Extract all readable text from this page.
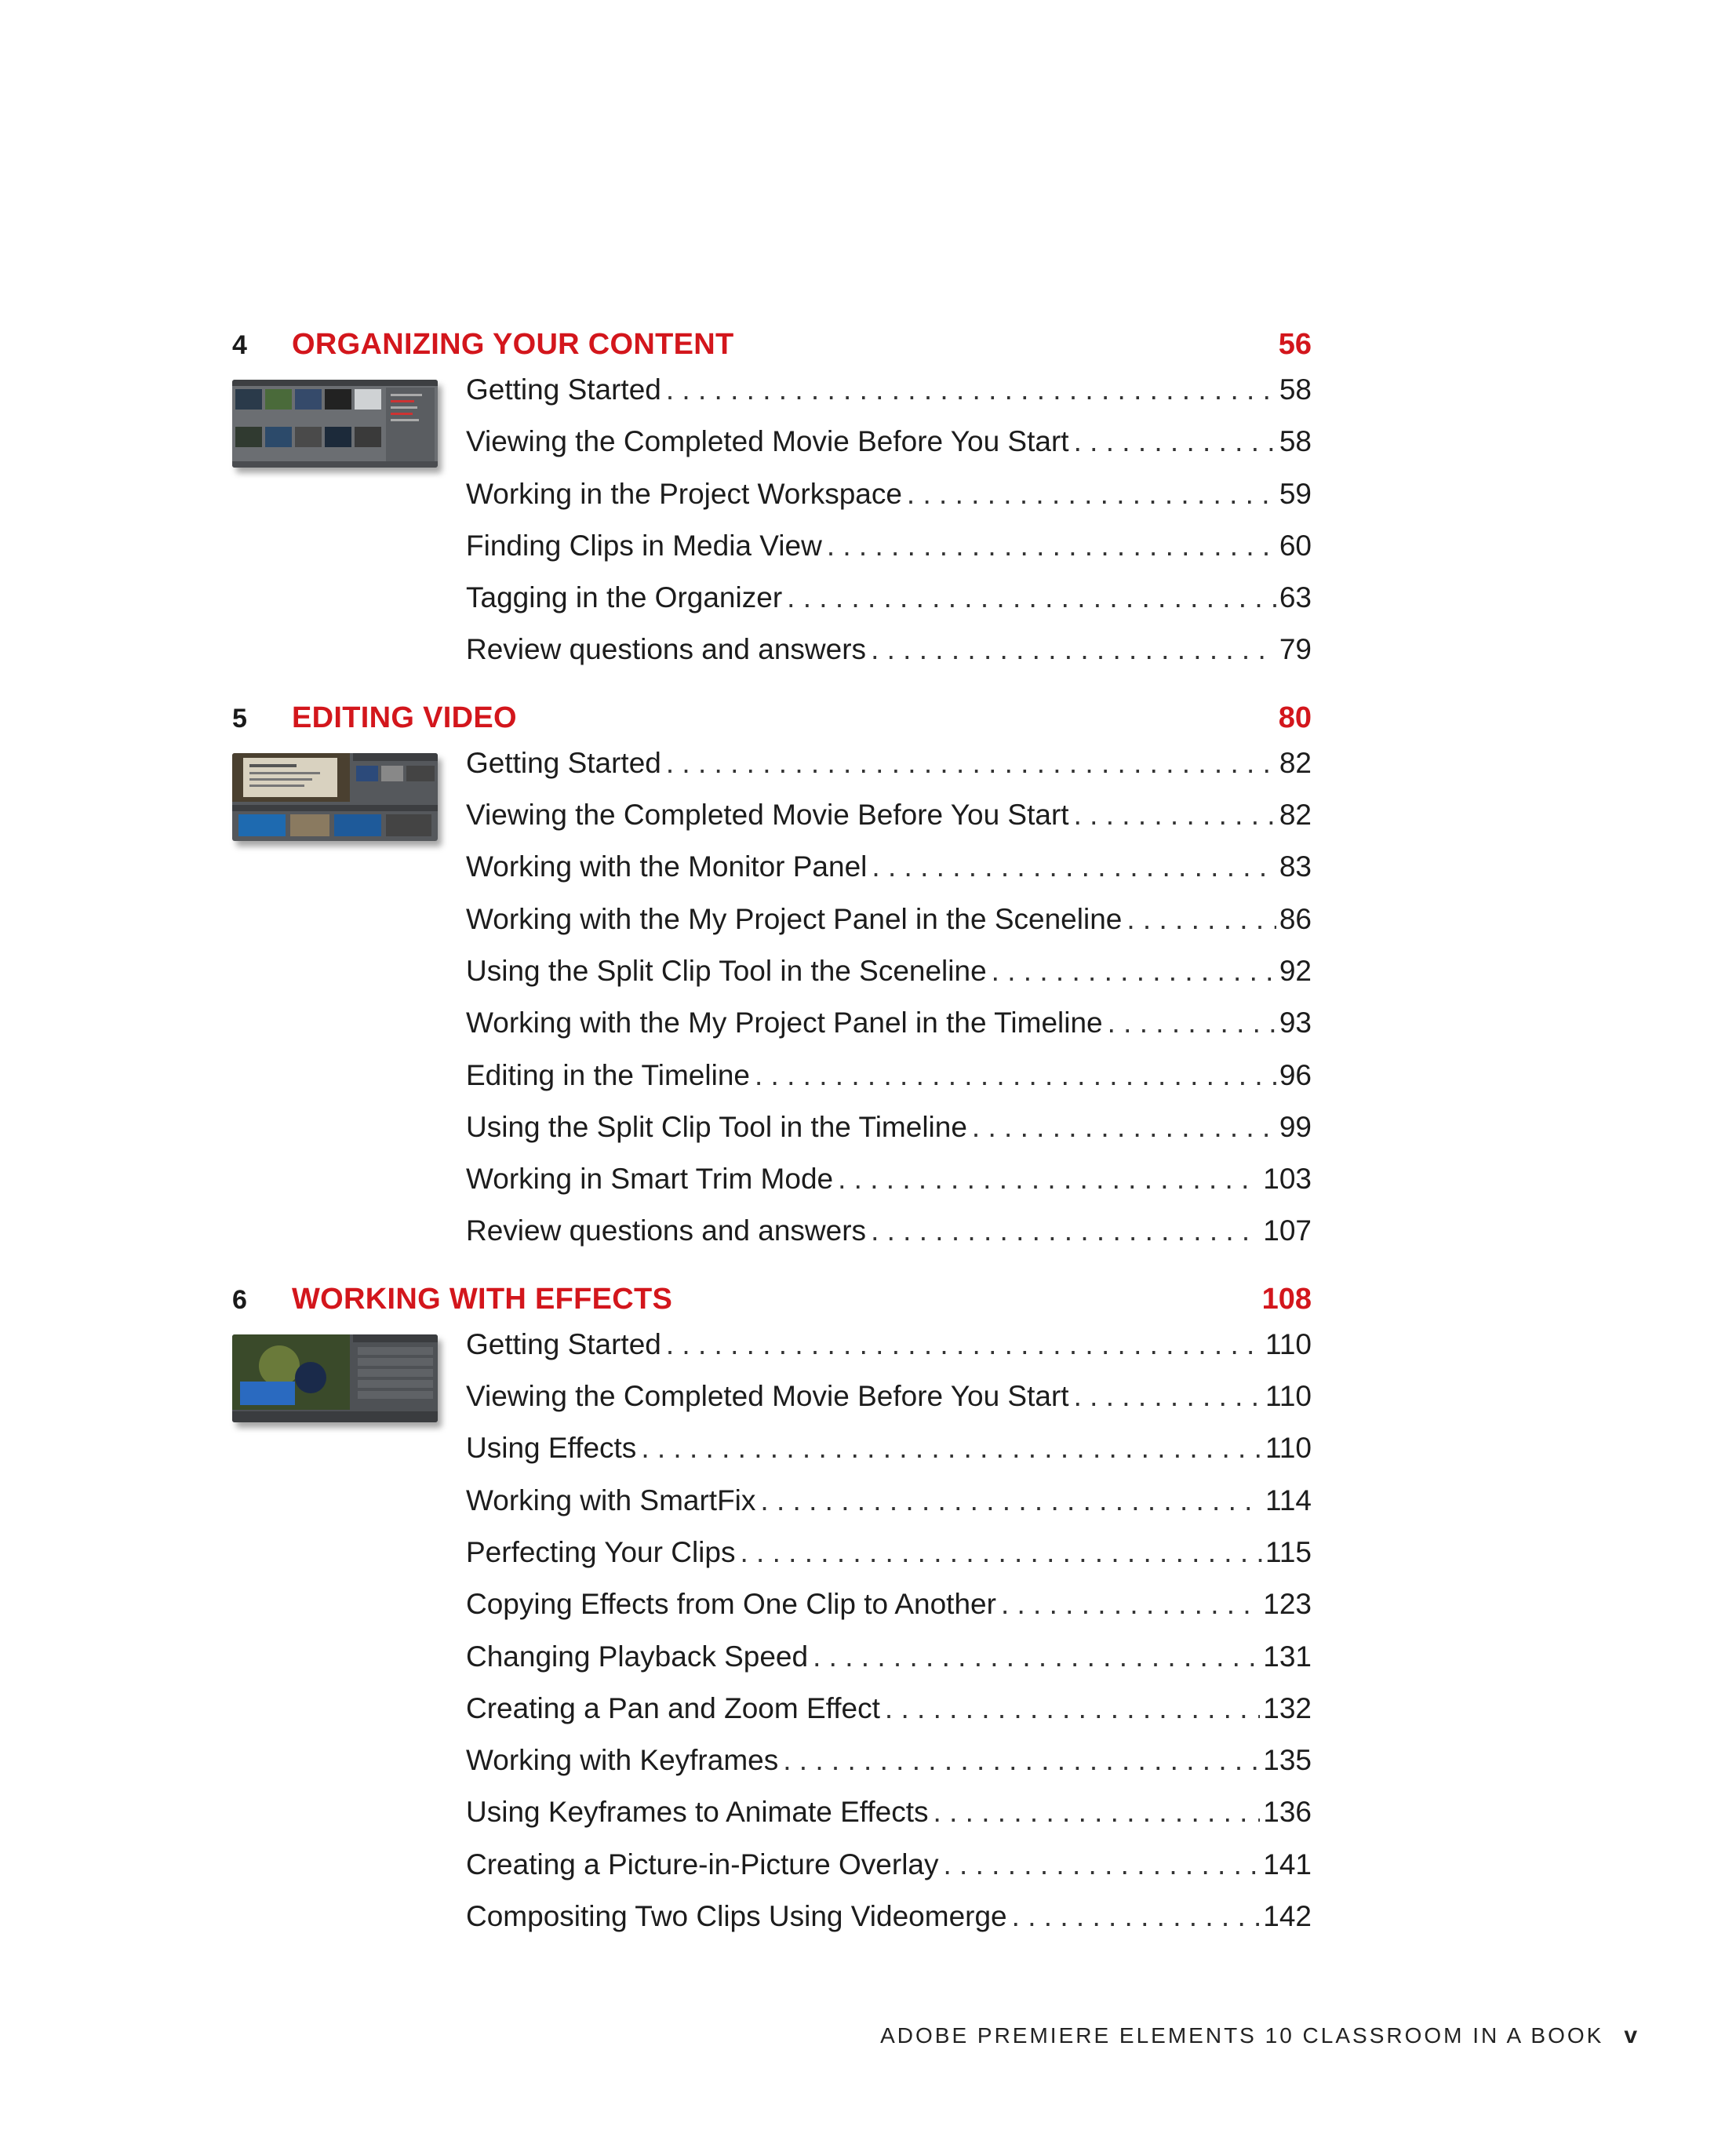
4	ORGANIZING YOUR CONTENT	56
Getting Started . . .	58
Viewing the Completed Movie Before You Start . . .	58
Working in the Project Workspace . . .	59
Finding Clips in Media View . . .	60
Tagging in the Organizer . . .	63
Review questions and answers . . .	79
5	EDITING VIDEO	80
Getting Started . . .	82
Viewing the Completed Movie Before You Start . . .	82
Working with the Monitor Panel . . .	83
Working with the My Project Panel in the Sceneline . . .	86
Using the Split Clip Tool in the Sceneline . . .	92
Working with the My Project Panel in the Timeline . . .	93
Editing in the Timeline . . .	96
Using the Split Clip Tool in the Timeline . . .	99
Working in Smart Trim Mode . . .	103
Review questions and answers . . .	107
6	WORKING WITH EFFECTS	108
Getting Started . . .	110
Viewing the Completed Movie Before You Start . . .	110
Using Effects . . .	110
Working with SmartFix . . .	114
Perfecting Your Clips . . .	115
Copying Effects from One Clip to Another . . .	123
Changing Playback Speed . . .	131
Creating a Pan and Zoom Effect . . .	132
Working with Keyframes . . .	135
Using Keyframes to Animate Effects . . .	136
Creating a Picture-in-Picture Overlay . . .	141
Compositing Two Clips Using Videomerge . . .	142
ADOBE PREMIERE ELEMENTS 10 CLASSROOM IN A BOOK v
